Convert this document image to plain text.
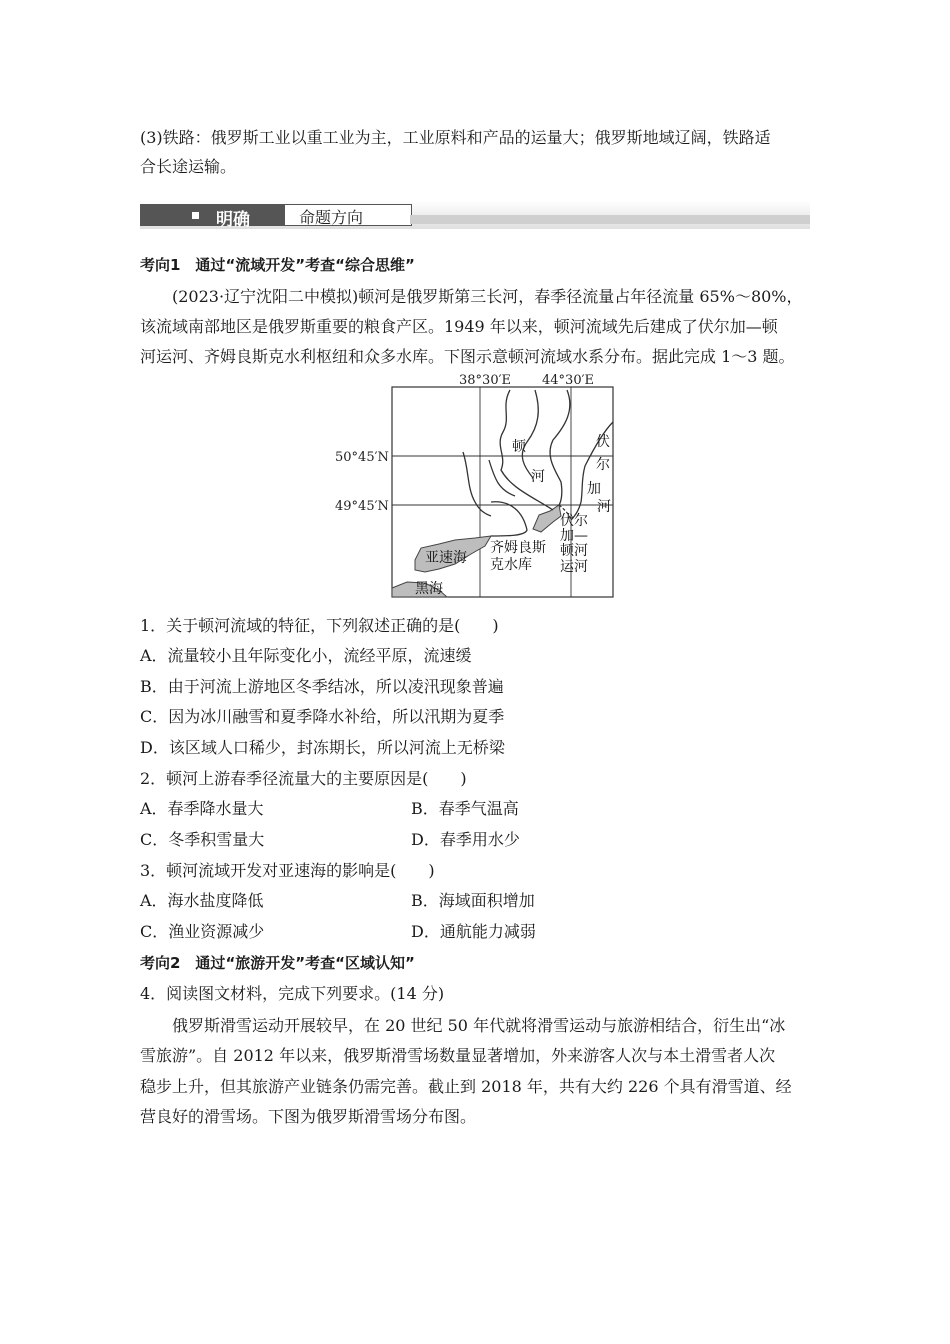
(3)铁路：俄罗斯工业以重工业为主，工业原料和产品的运量大；俄罗斯地域辽阔，铁路适
合长途运输。
明确	命题方向
考向1　通过“流域开发”考查“综合思维”
(2023·辽宁沈阳二中模拟)顿河是俄罗斯第三长河，春季径流量占年径流量 65%～80%，
该流域南部地区是俄罗斯重要的粮食产区。1949 年以来，顿河流域先后建成了伏尔加—顿
河运河、齐姆良斯克水利枢纽和众多水库。下图示意顿河流域水系分布。据此完成 1～3 题。
38°30′E 44°30′E
50°45′N
49°45′N
顿
河
伏
尔
加
河
伏尔
加—
顿河
运河
齐姆良斯
克水库
亚速海
黑海
1．关于顿河流域的特征，下列叙述正确的是(　　)
A．流量较小且年际变化小，流经平原，流速缓
B．由于河流上游地区冬季结冰，所以凌汛现象普遍
C．因为冰川融雪和夏季降水补给，所以汛期为夏季
D．该区域人口稀少，封冻期长，所以河流上无桥梁
2．顿河上游春季径流量大的主要原因是(　　)
A．春季降水量大	B．春季气温高
C．冬季积雪量大	D．春季用水少
3．顿河流域开发对亚速海的影响是(　　)
A．海水盐度降低	B．海域面积增加
C．渔业资源减少	D．通航能力减弱
考向2　通过“旅游开发”考查“区域认知”
4．阅读图文材料，完成下列要求。(14 分)
俄罗斯滑雪运动开展较早，在 20 世纪 50 年代就将滑雪运动与旅游相结合，衍生出“冰
雪旅游”。自 2012 年以来，俄罗斯滑雪场数量显著增加，外来游客人次与本土滑雪者人次
稳步上升，但其旅游产业链条仍需完善。截止到 2018 年，共有大约 226 个具有滑雪道、经
营良好的滑雪场。下图为俄罗斯滑雪场分布图。
